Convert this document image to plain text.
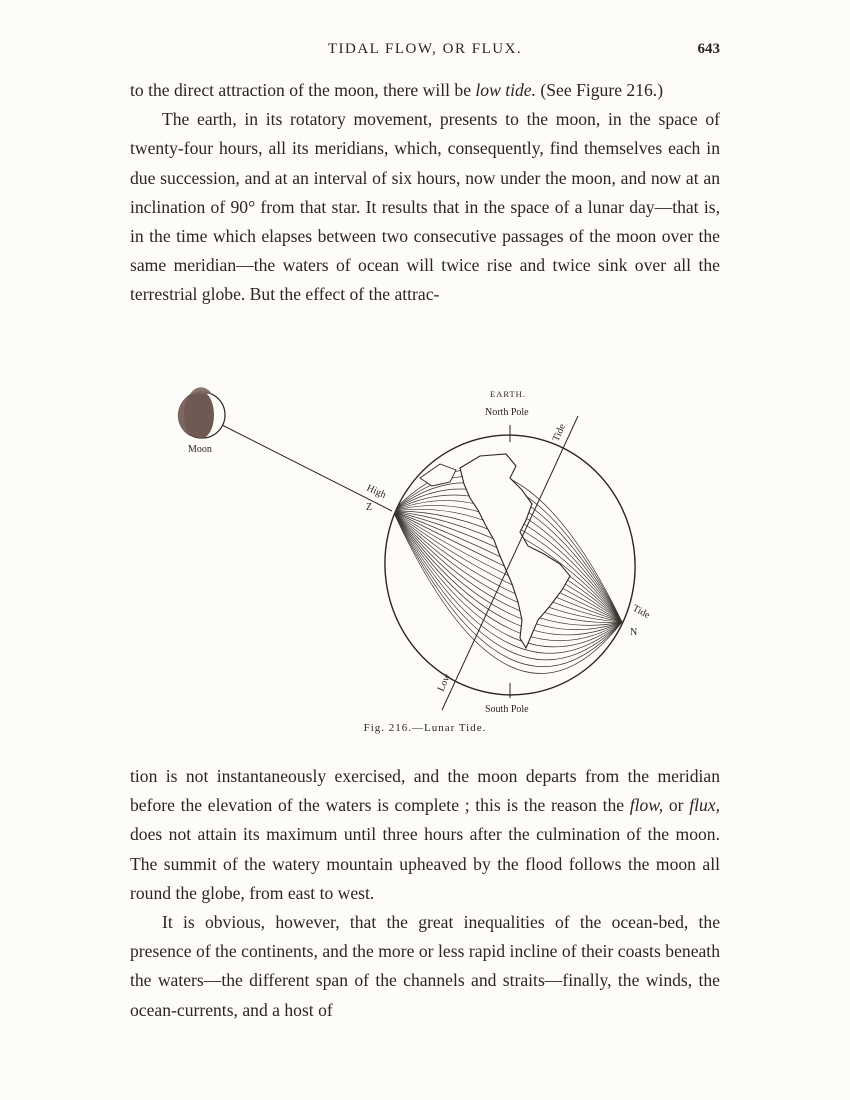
TIDAL FLOW, OR FLUX.	643

to the direct attraction of the moon, there will be low tide. (See Figure 216.)

The earth, in its rotatory movement, presents to the moon, in the space of twenty-four hours, all its meridians, which, consequently, find themselves each in due succession, and at an interval of six hours, now under the moon, and now at an inclination of 90° from that star. It results that in the space of a lunar day—that is, in the time which elapses between two consecutive passages of the moon over the same meridian—the waters of ocean will twice rise and twice sink over all the terrestrial globe. But the effect of the attrac-

Moon
EARTH.
North Pole
South Pole
High
Z
Tide
Tide
N
Low
Fig. 216.—Lunar Tide.

tion is not instantaneously exercised, and the moon departs from the meridian before the elevation of the waters is complete ; this is the reason the flow, or flux, does not attain its maximum until three hours after the culmination of the moon. The summit of the watery mountain upheaved by the flood follows the moon all round the globe, from east to west.

It is obvious, however, that the great inequalities of the ocean-bed, the presence of the continents, and the more or less rapid incline of their coasts beneath the waters—the different span of the channels and straits—finally, the winds, the ocean-currents, and a host of
